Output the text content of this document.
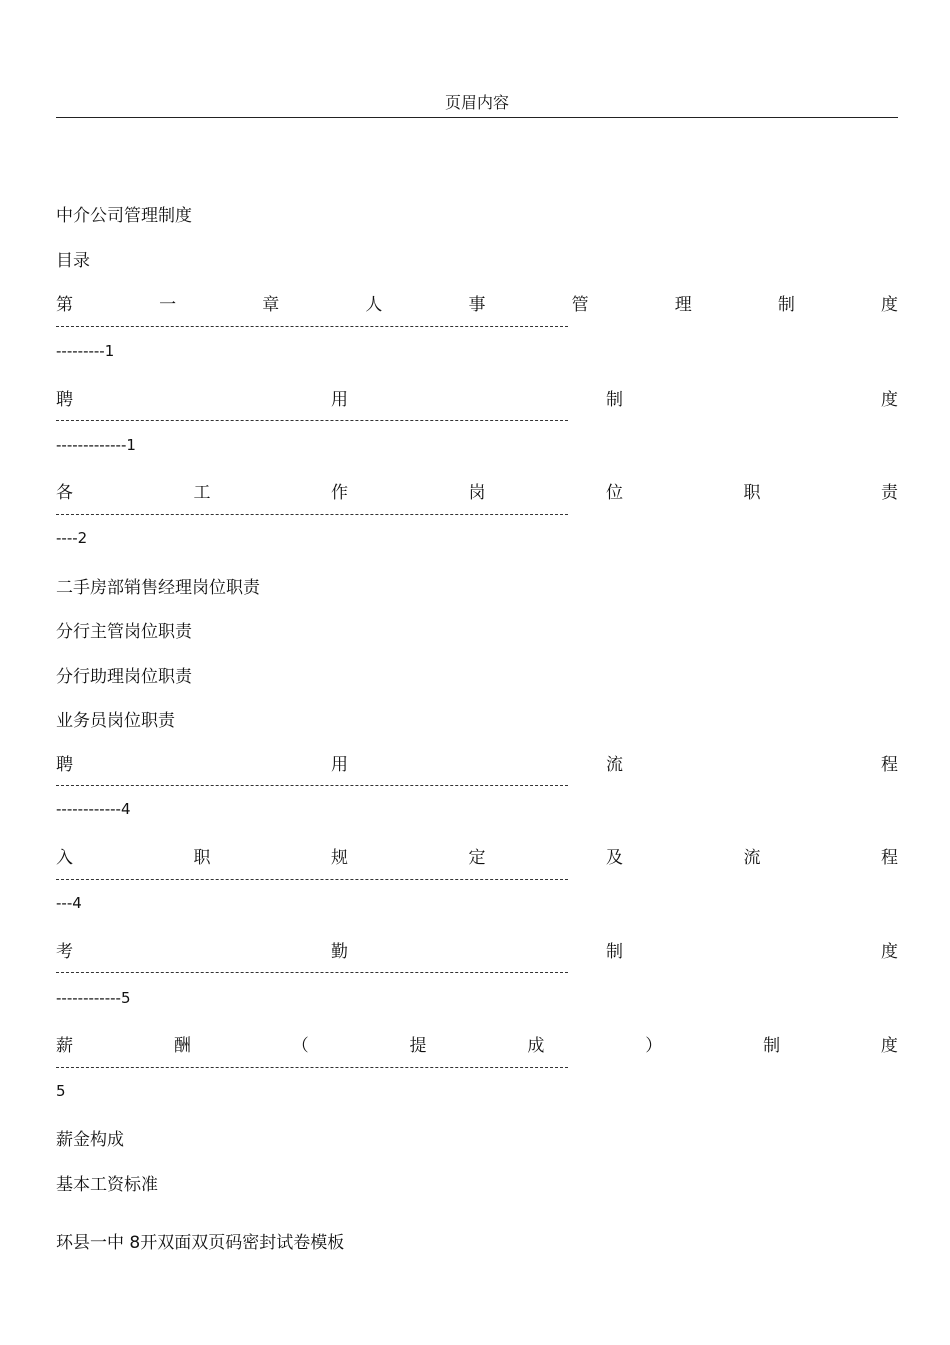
页眉内容
中介公司管理制度
目录
第	一	章	人	事	管	理	制	度
---------1
聘	用	制	度
-------------1
各	工	作	岗	位	职	责
----2
二手房部销售经理岗位职责
分行主管岗位职责
分行助理岗位职责
业务员岗位职责
聘	用	流	程
------------4
入	职	规	定	及	流	程
---4
考	勤	制	度
------------5
薪	酬	（	提	成	）	制	度
5
薪金构成
基本工资标准
环县一中 8开双面双页码密封试卷模板
